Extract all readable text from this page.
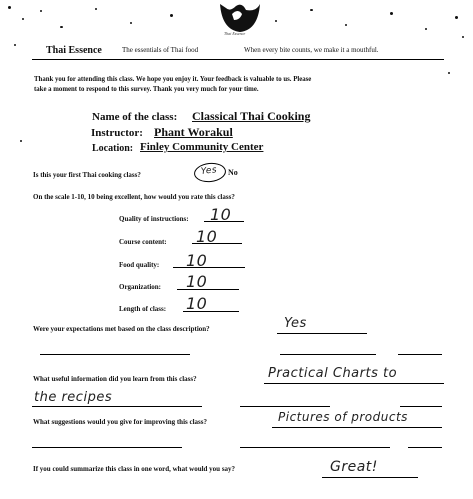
Thai Essence
Thai Essence	The essentials of Thai food	When every bite counts, we make it a mouthful.
Thank you for attending this class. We hope you enjoy it. Your feedback is valuable to us. Please
take a moment to respond to this survey. Thank you very much for your time.
Name of the class: Classical Thai Cooking
Instructor: Phant Worakul
Location: Finley Community Center
Is this your first Thai cooking class?	Yes No
On the scale 1-10, 10 being excellent, how would you rate this class?
Quality of instructions: 10
Course content: 10
Food quality: 10
Organization: 10
Length of class: 10
Were your expectations met based on the class description?	Yes
What useful information did you learn from this class?	Practical Charts to
the recipes
What suggestions would you give for improving this class?	Pictures of products
If you could summarize this class in one word, what would you say?	Great!
